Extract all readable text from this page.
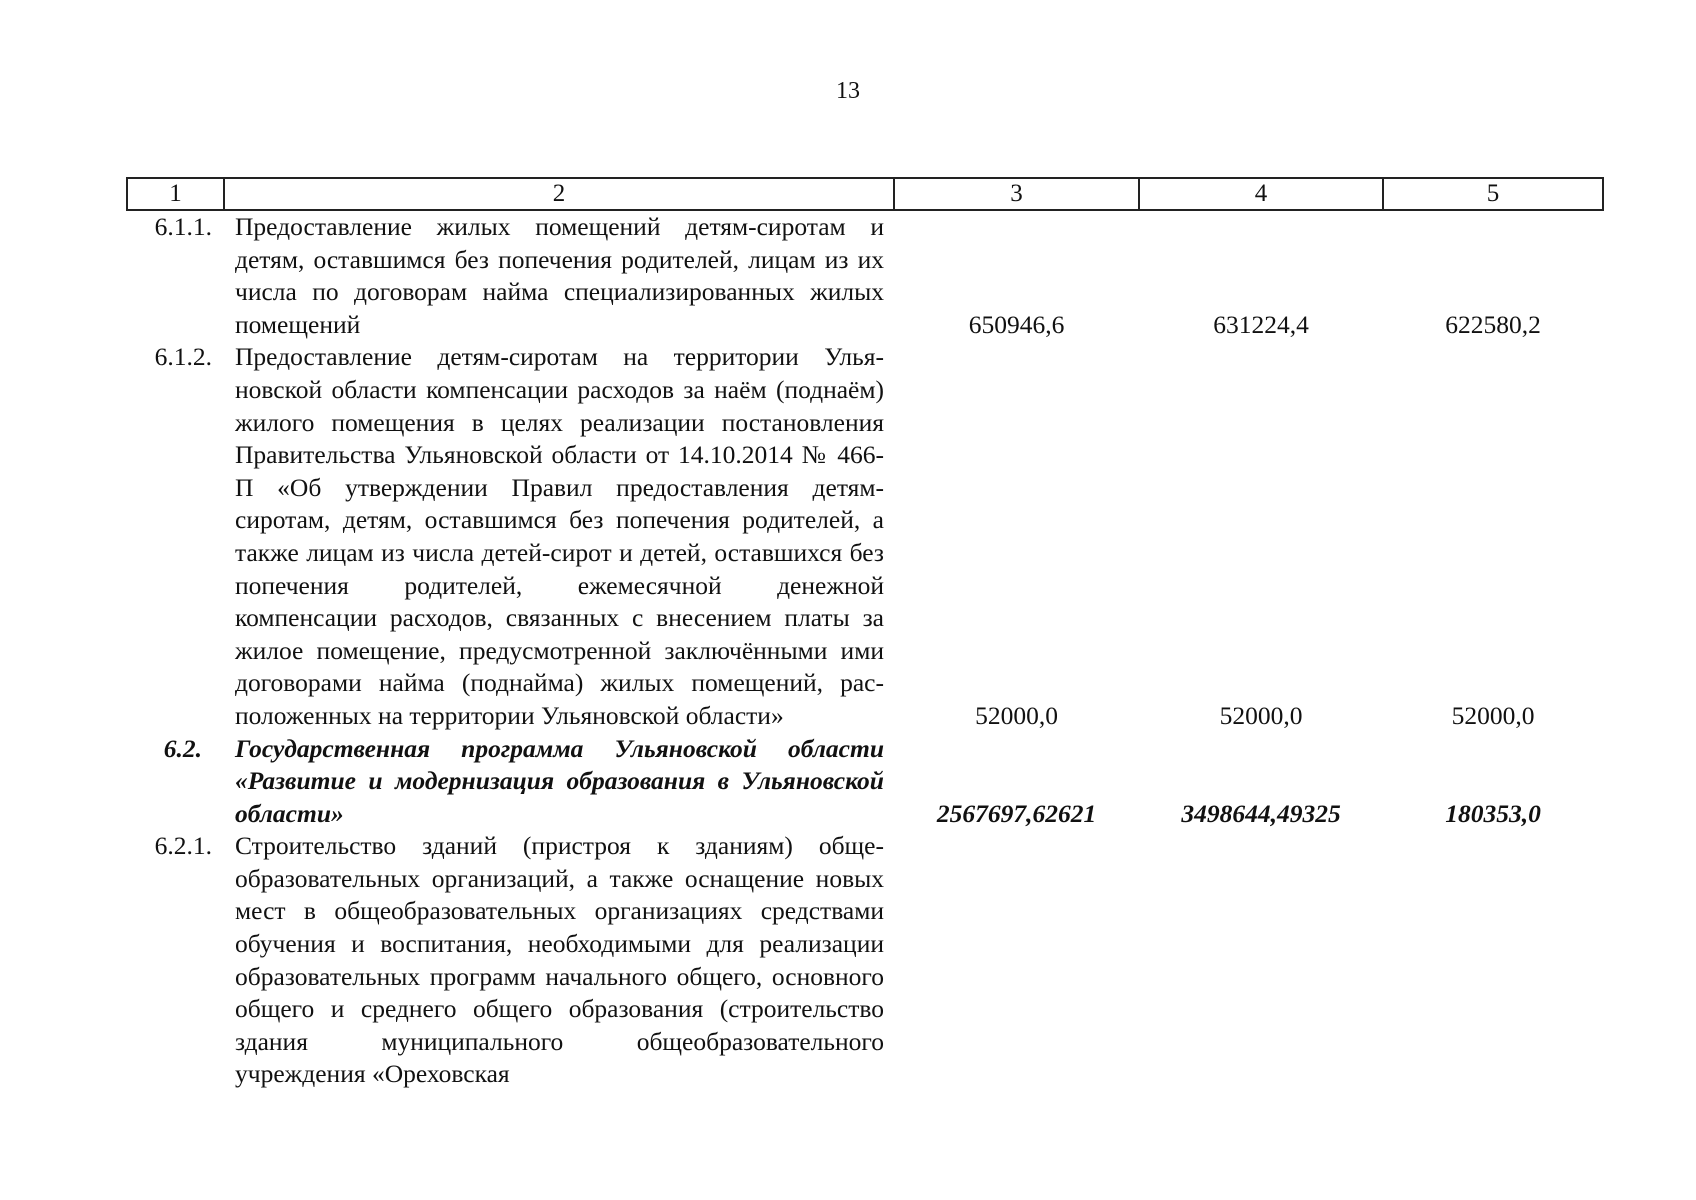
13
1	2	3	4	5
6.1.1.	Предоставление жилых помещений детям-сиротам и детям, оставшимся без попечения родителей, лицам из их числа по договорам найма специализированных жилых помещений	650946,6	631224,4	622580,2
6.1.2.	Предоставление детям-сиротам на территории Ульяновской области компенсации расходов за наём (поднаём) жилого помещения в целях реализации постановления Правительства Ульяновской области от 14.10.2014 № 466-П «Об утверждении Правил предоставления детям-сиротам, детям, оставшимся без попечения родителей, а также лицам из числа детей-сирот и детей, оставшихся без попечения родителей, ежемесячной денежной компенсации расходов, связанных с внесением платы за жилое помещение, предусмотренной заключёнными ими договорами найма (поднайма) жилых помещений, расположенных на территории Ульяновской области»	52000,0	52000,0	52000,0
6.2.	Государственная программа Ульяновской области «Развитие и модернизация образования в Ульяновской области»	2567697,62621	3498644,49325	180353,0
6.2.1.	Строительство зданий (пристроя к зданиям) общеобразовательных организаций, а также оснащение новых мест в общеобразовательных организациях средствами обучения и воспитания, необходимыми для реализации образовательных программ начального общего, основного общего и среднего общего образования (строительство здания муниципального общеобразовательного учреждения «Ореховская			
